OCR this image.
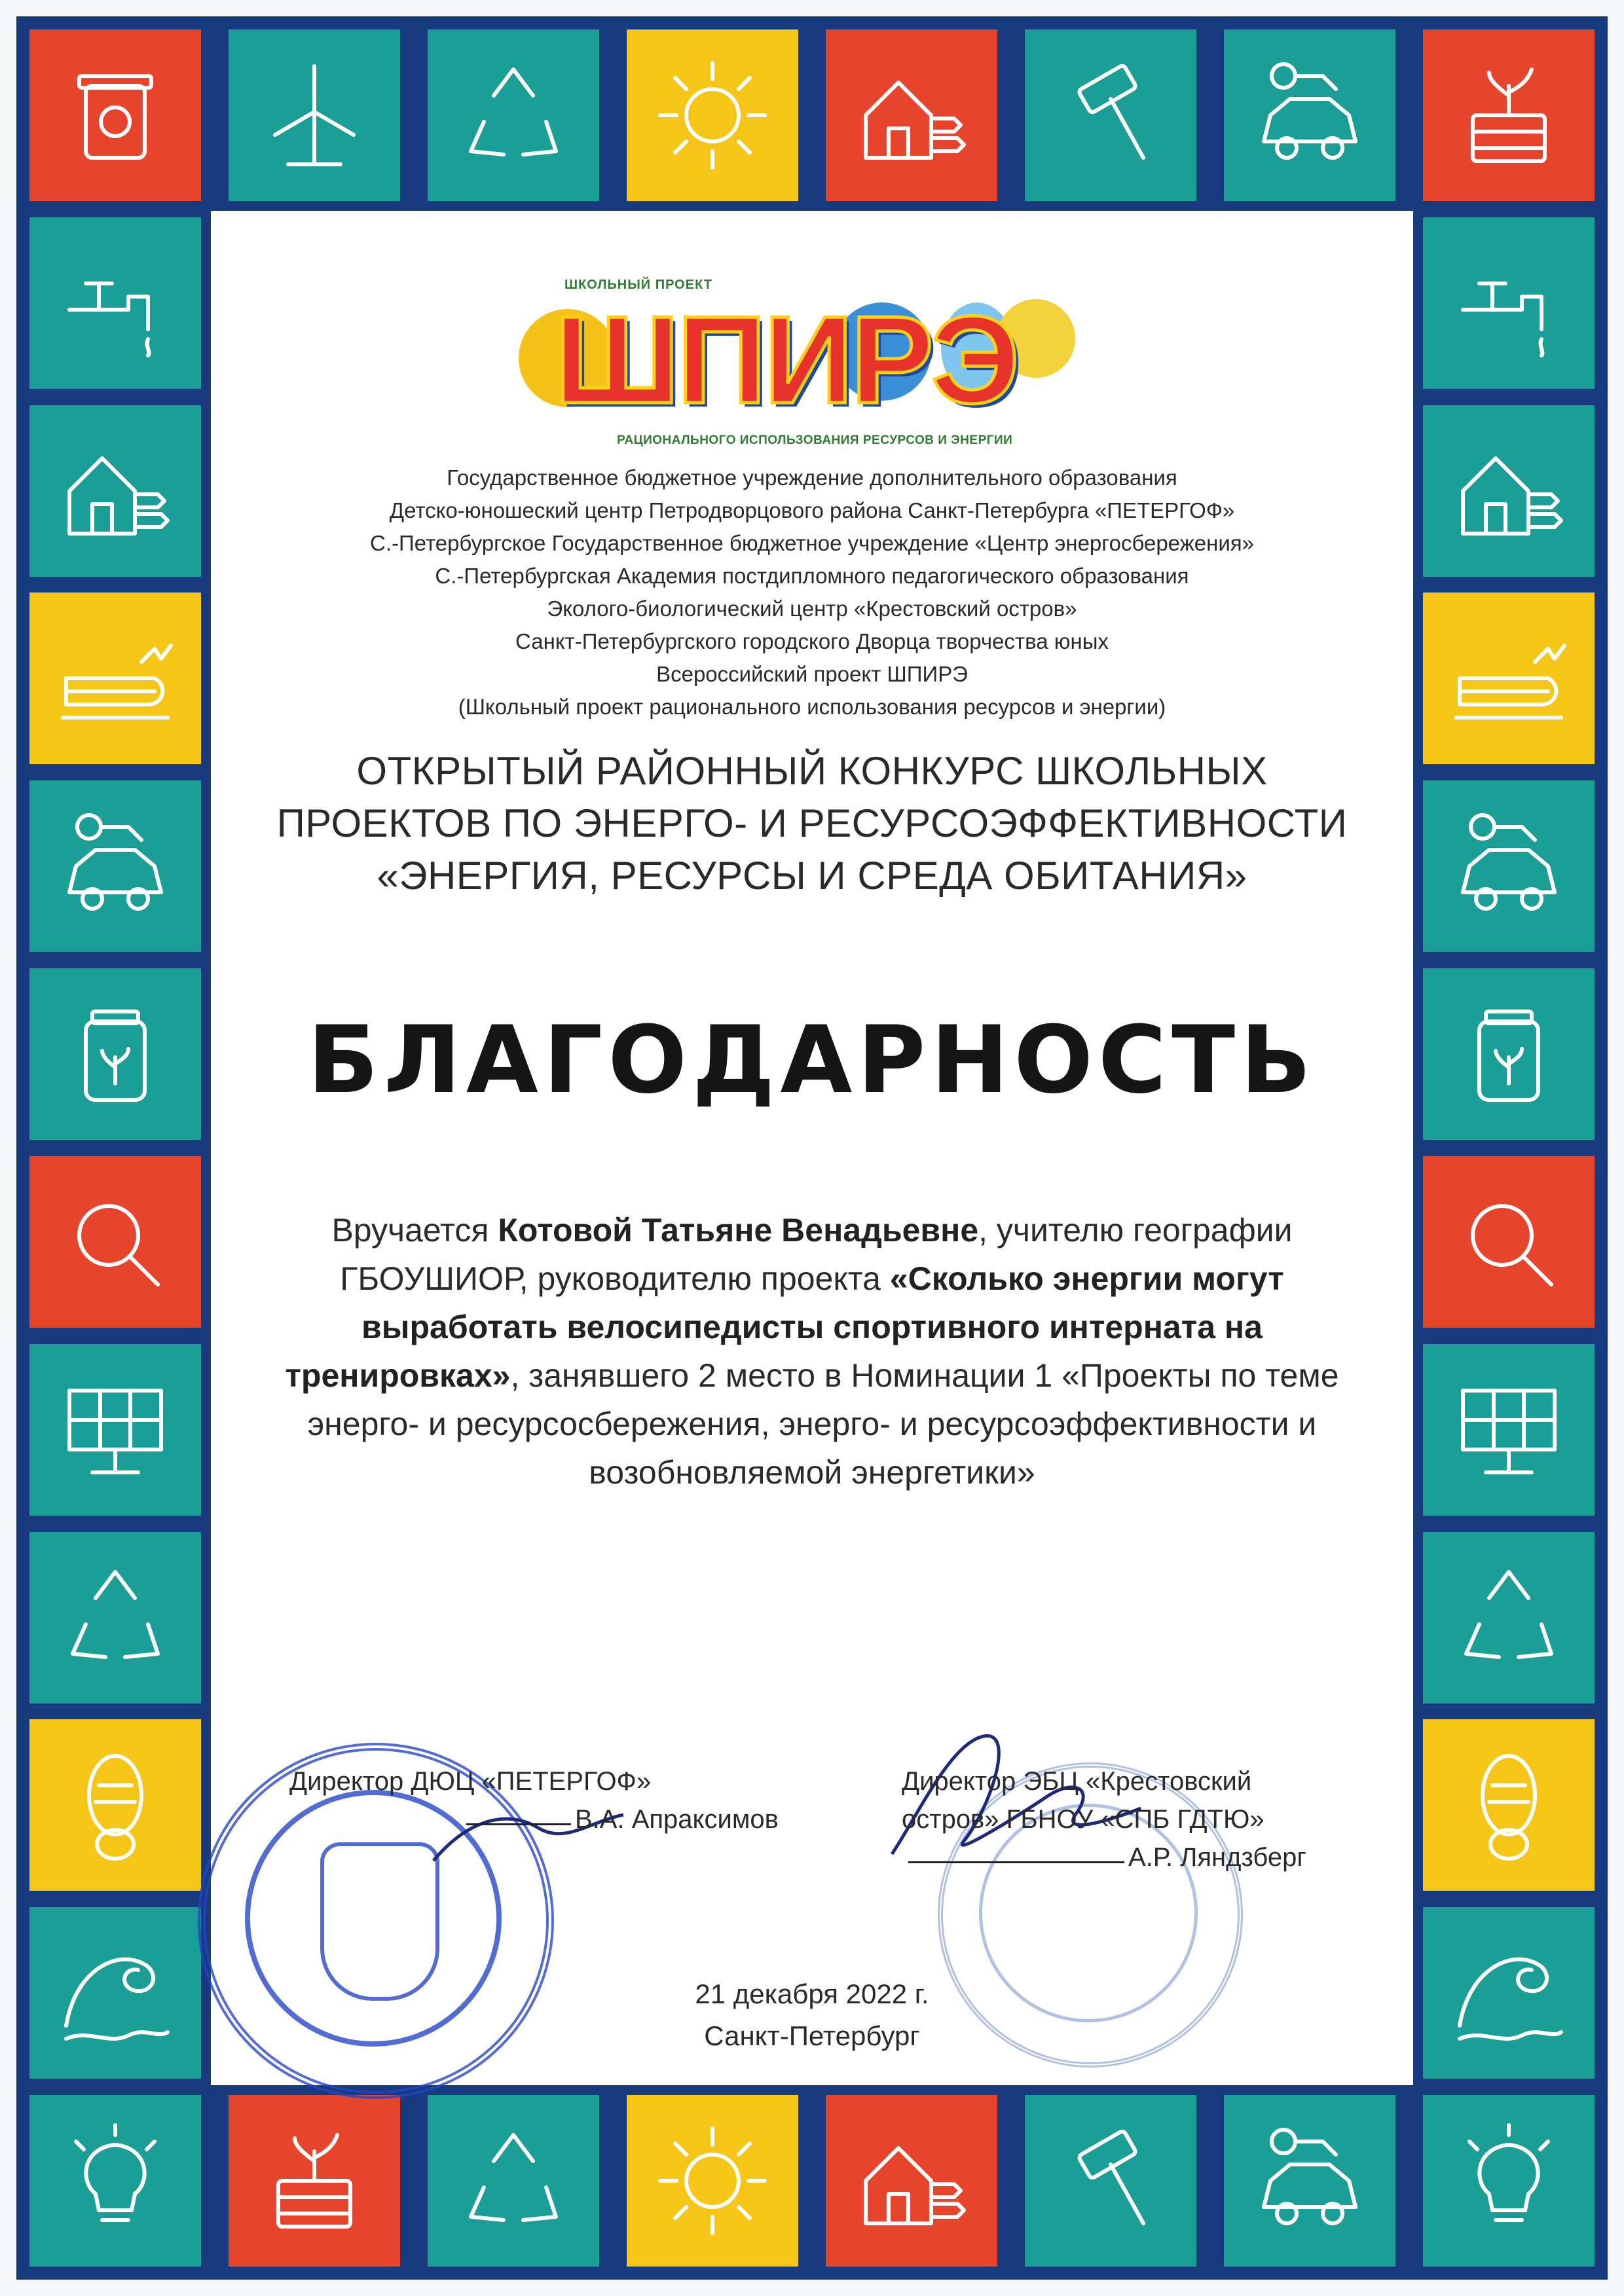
ШКОЛЬНЫЙ ПРОЕКТ
ШПИРЭ
РАЦИОНАЛЬНОГО ИСПОЛЬЗОВАНИЯ РЕСУРСОВ И ЭНЕРГИИ
Государственное бюджетное учреждение дополнительного образования
Детско-юношеский центр Петродворцового района Санкт-Петербурга «ПЕТЕРГОФ»
С.-Петербургское Государственное бюджетное учреждение «Центр энергосбережения»
С.-Петербургская Академия постдипломного педагогического образования
Эколого-биологический центр «Крестовский остров»
Санкт-Петербургского городского Дворца творчества юных
Всероссийский проект ШПИРЭ
(Школьный проект рационального использования ресурсов и энергии)
ОТКРЫТЫЙ РАЙОННЫЙ КОНКУРС ШКОЛЬНЫХ
ПРОЕКТОВ ПО ЭНЕРГО- И РЕСУРСОЭФФЕКТИВНОСТИ
«ЭНЕРГИЯ, РЕСУРСЫ И СРЕДА ОБИТАНИЯ»
БЛАГОДАРНОСТЬ
Вручается Котовой Татьяне Венадьевне, учителю географии ГБОУШИОР, руководителю проекта «Сколько энергии могут выработать велосипедисты спортивного интерната на тренировках», занявшего 2 место в Номинации 1 «Проекты по теме энерго- и ресурсосбережения, энерго- и ресурсоэффективности и возобновляемой энергетики»
Директор ДЮЦ «ПЕТЕРГОФ»
В.А. Апраксимов
Директор ЭБЦ «Крестовский
остров» ГБНОУ «СПБ ГДТЮ»
А.Р. Ляндзберг
21 декабря 2022 г.
Санкт-Петербург
